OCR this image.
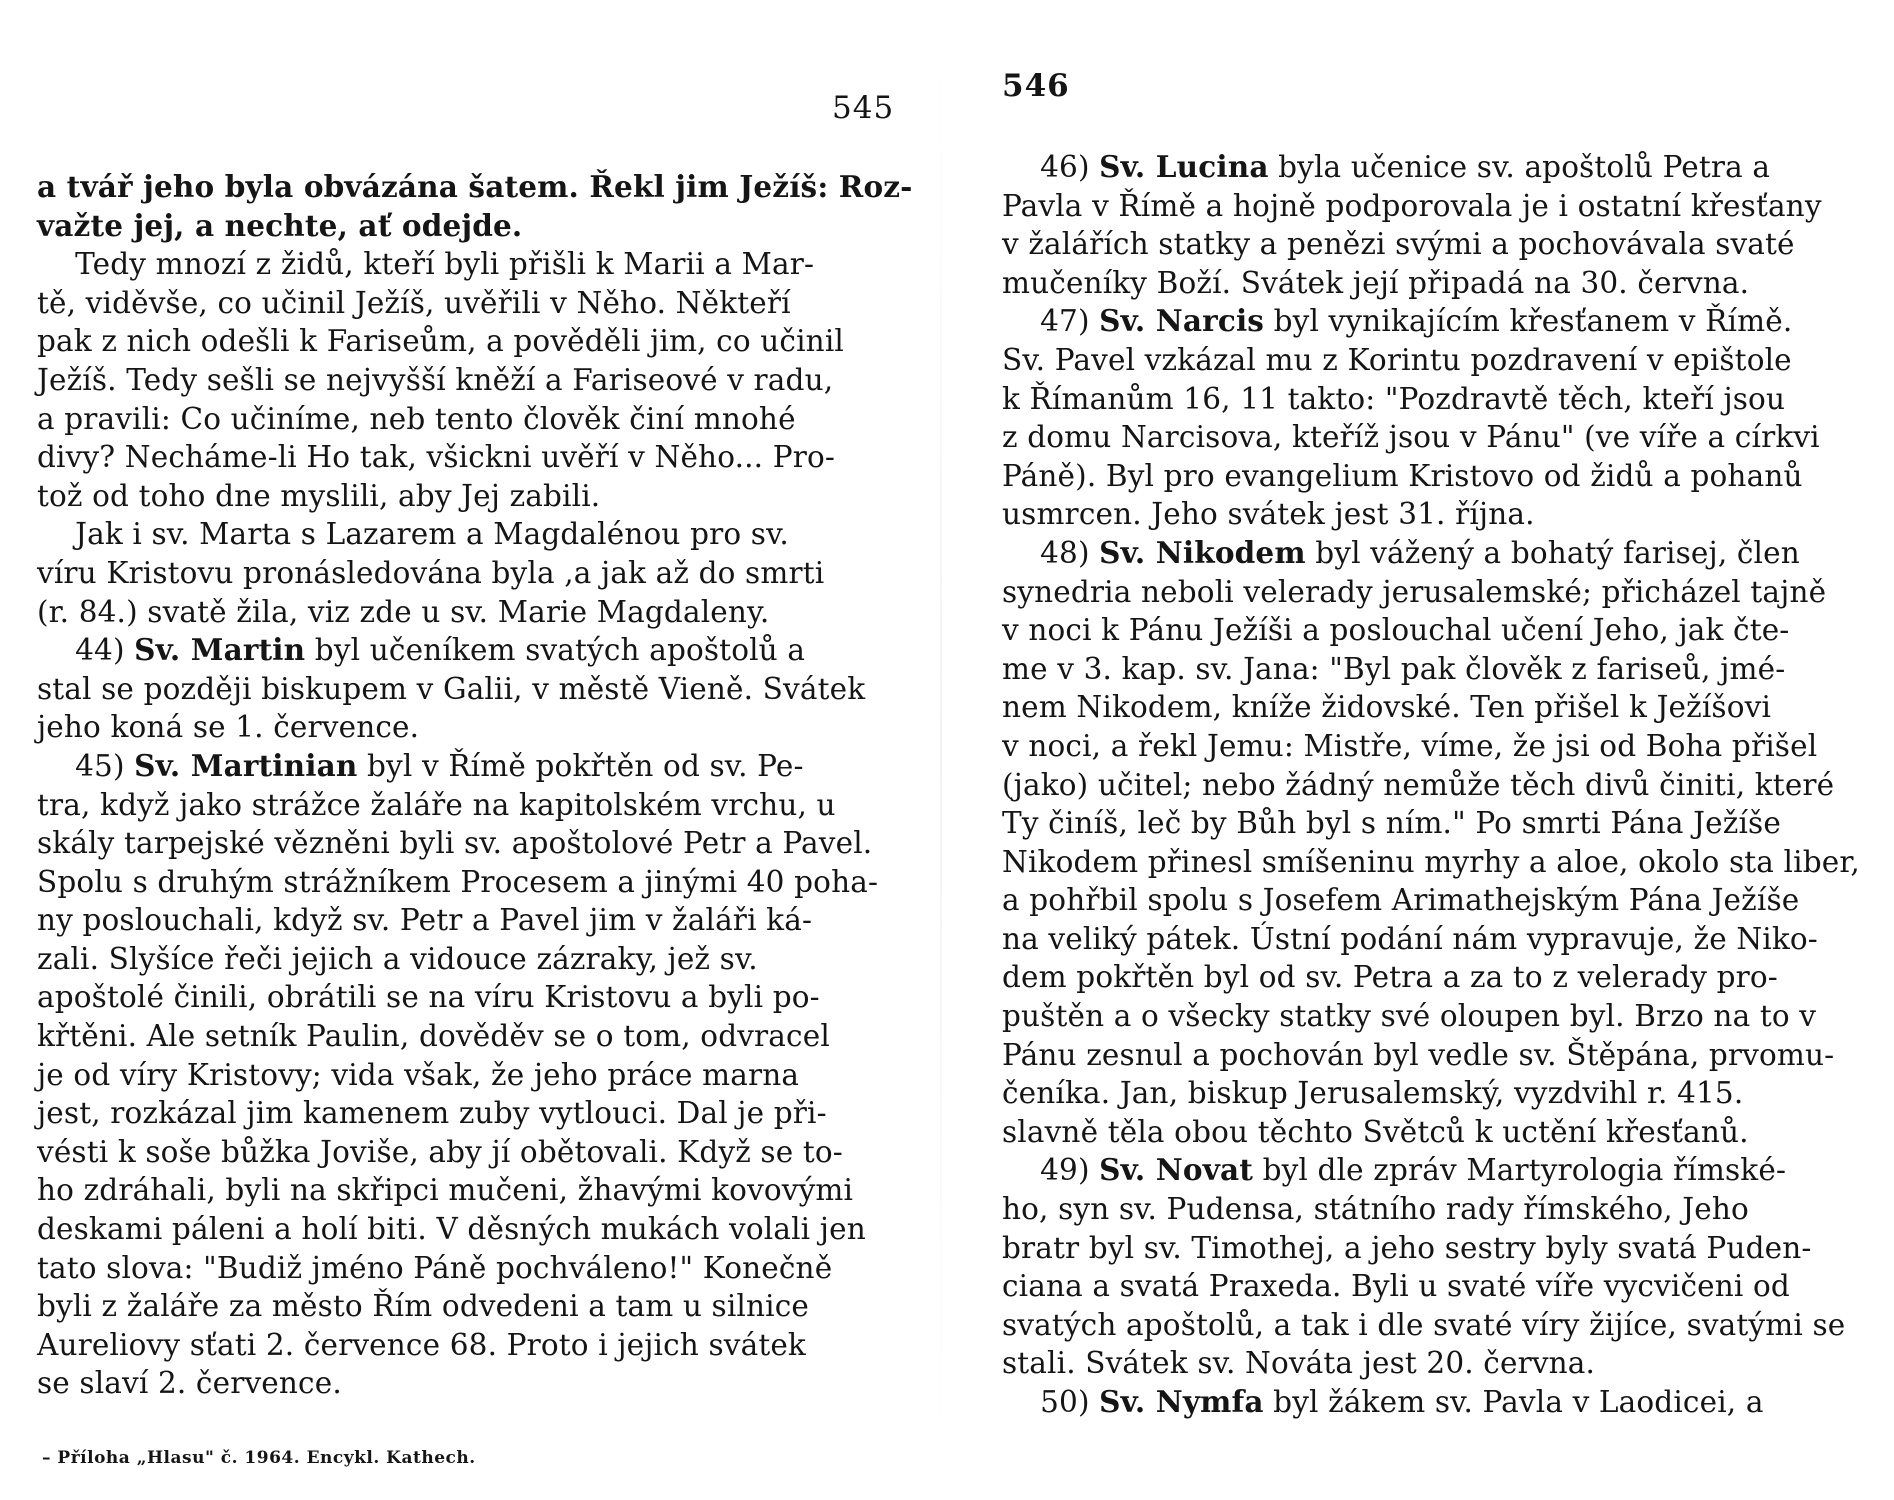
545
a tvář jeho byla obvázána šatem. Řekl jim Ježíš: Roz-
važte jej, a nechte, ať odejde.
Tedy mnozí z židů, kteří byli přišli k Marii a Mar-
tě, viděvše, co učinil Ježíš, uvěřili v Něho. Někteří
pak z nich odešli k Fariseům, a pověděli jim, co učinil
Ježíš. Tedy sešli se nejvyšší kněží a Fariseové v radu,
a pravili: Co učiníme, neb tento člověk činí mnohé
divy? Necháme-li Ho tak, všickni uvěří v Něho... Pro-
tož od toho dne myslili, aby Jej zabili.
Jak i sv. Marta s Lazarem a Magdalénou pro sv.
víru Kristovu pronásledována byla ,a jak až do smrti
(r. 84.) svatě žila, viz zde u sv. Marie Magdaleny.
44) Sv. Martin byl učeníkem svatých apoštolů a
stal se později biskupem v Galii, v městě Vieně. Svátek
jeho koná se 1. července.
45) Sv. Martinian byl v Římě pokřtěn od sv. Pe-
tra, když jako strážce žaláře na kapitolském vrchu, u
skály tarpejské vězněni byli sv. apoštolové Petr a Pavel.
Spolu s druhým strážníkem Procesem a jinými 40 poha-
ny poslouchali, když sv. Petr a Pavel jim v žaláři ká-
zali. Slyšíce řeči jejich a vidouce zázraky, jež sv.
apoštolé činili, obrátili se na víru Kristovu a byli po-
křtěni. Ale setník Paulin, dověděv se o tom, odvracel
je od víry Kristovy; vida však, že jeho práce marna
jest, rozkázal jim kamenem zuby vytlouci. Dal je při-
vésti k soše bůžka Joviše, aby jí obětovali. Když se to-
ho zdráhali, byli na skřipci mučeni, žhavými kovovými
deskami páleni a holí biti. V děsných mukách volali jen
tato slova: "Budiž jméno Páně pochváleno!" Konečně
byli z žaláře za město Řím odvedeni a tam u silnice
Aureliovy sťati 2. července 68. Proto i jejich svátek
se slaví 2. července.
– Příloha „Hlasu" č. 1964. Encykl. Kathech.
546
46) Sv. Lucina byla učenice sv. apoštolů Petra a
Pavla v Římě a hojně podporovala je i ostatní křesťany
v žalářích statky a penězi svými a pochovávala svaté
mučeníky Boží. Svátek její připadá na 30. června.
47) Sv. Narcis byl vynikajícím křesťanem v Římě.
Sv. Pavel vzkázal mu z Korintu pozdravení v epištole
k Římanům 16, 11 takto: "Pozdravtě těch, kteří jsou
z domu Narcisova, kteříž jsou v Pánu" (ve víře a církvi
Páně). Byl pro evangelium Kristovo od židů a pohanů
usmrcen. Jeho svátek jest 31. října.
48) Sv. Nikodem byl vážený a bohatý farisej, člen
synedria neboli velerady jerusalemské; přicházel tajně
v noci k Pánu Ježíši a poslouchal učení Jeho, jak čte-
me v 3. kap. sv. Jana: "Byl pak člověk z fariseů, jmé-
nem Nikodem, kníže židovské. Ten přišel k Ježíšovi
v noci, a řekl Jemu: Mistře, víme, že jsi od Boha přišel
(jako) učitel; nebo žádný nemůže těch divů činiti, které
Ty činíš, leč by Bůh byl s ním." Po smrti Pána Ježíše
Nikodem přinesl smíšeninu myrhy a aloe, okolo sta liber,
a pohřbil spolu s Josefem Arimathejským Pána Ježíše
na veliký pátek. Ústní podání nám vypravuje, že Niko-
dem pokřtěn byl od sv. Petra a za to z velerady pro-
puštěn a o všecky statky své oloupen byl. Brzo na to v
Pánu zesnul a pochován byl vedle sv. Štěpána, prvomu-
čeníka. Jan, biskup Jerusalemský, vyzdvihl r. 415.
slavně těla obou těchto Světců k uctění křesťanů.
49) Sv. Novat byl dle zpráv Martyrologia římské-
ho, syn sv. Pudensa, státního rady římského, Jeho
bratr byl sv. Timothej, a jeho sestry byly svatá Puden-
ciana a svatá Praxeda. Byli u svaté víře vycvičeni od
svatých apoštolů, a tak i dle svaté víry žijíce, svatými se
stali. Svátek sv. Nováta jest 20. června.
50) Sv. Nymfa byl žákem sv. Pavla v Laodicei, a
